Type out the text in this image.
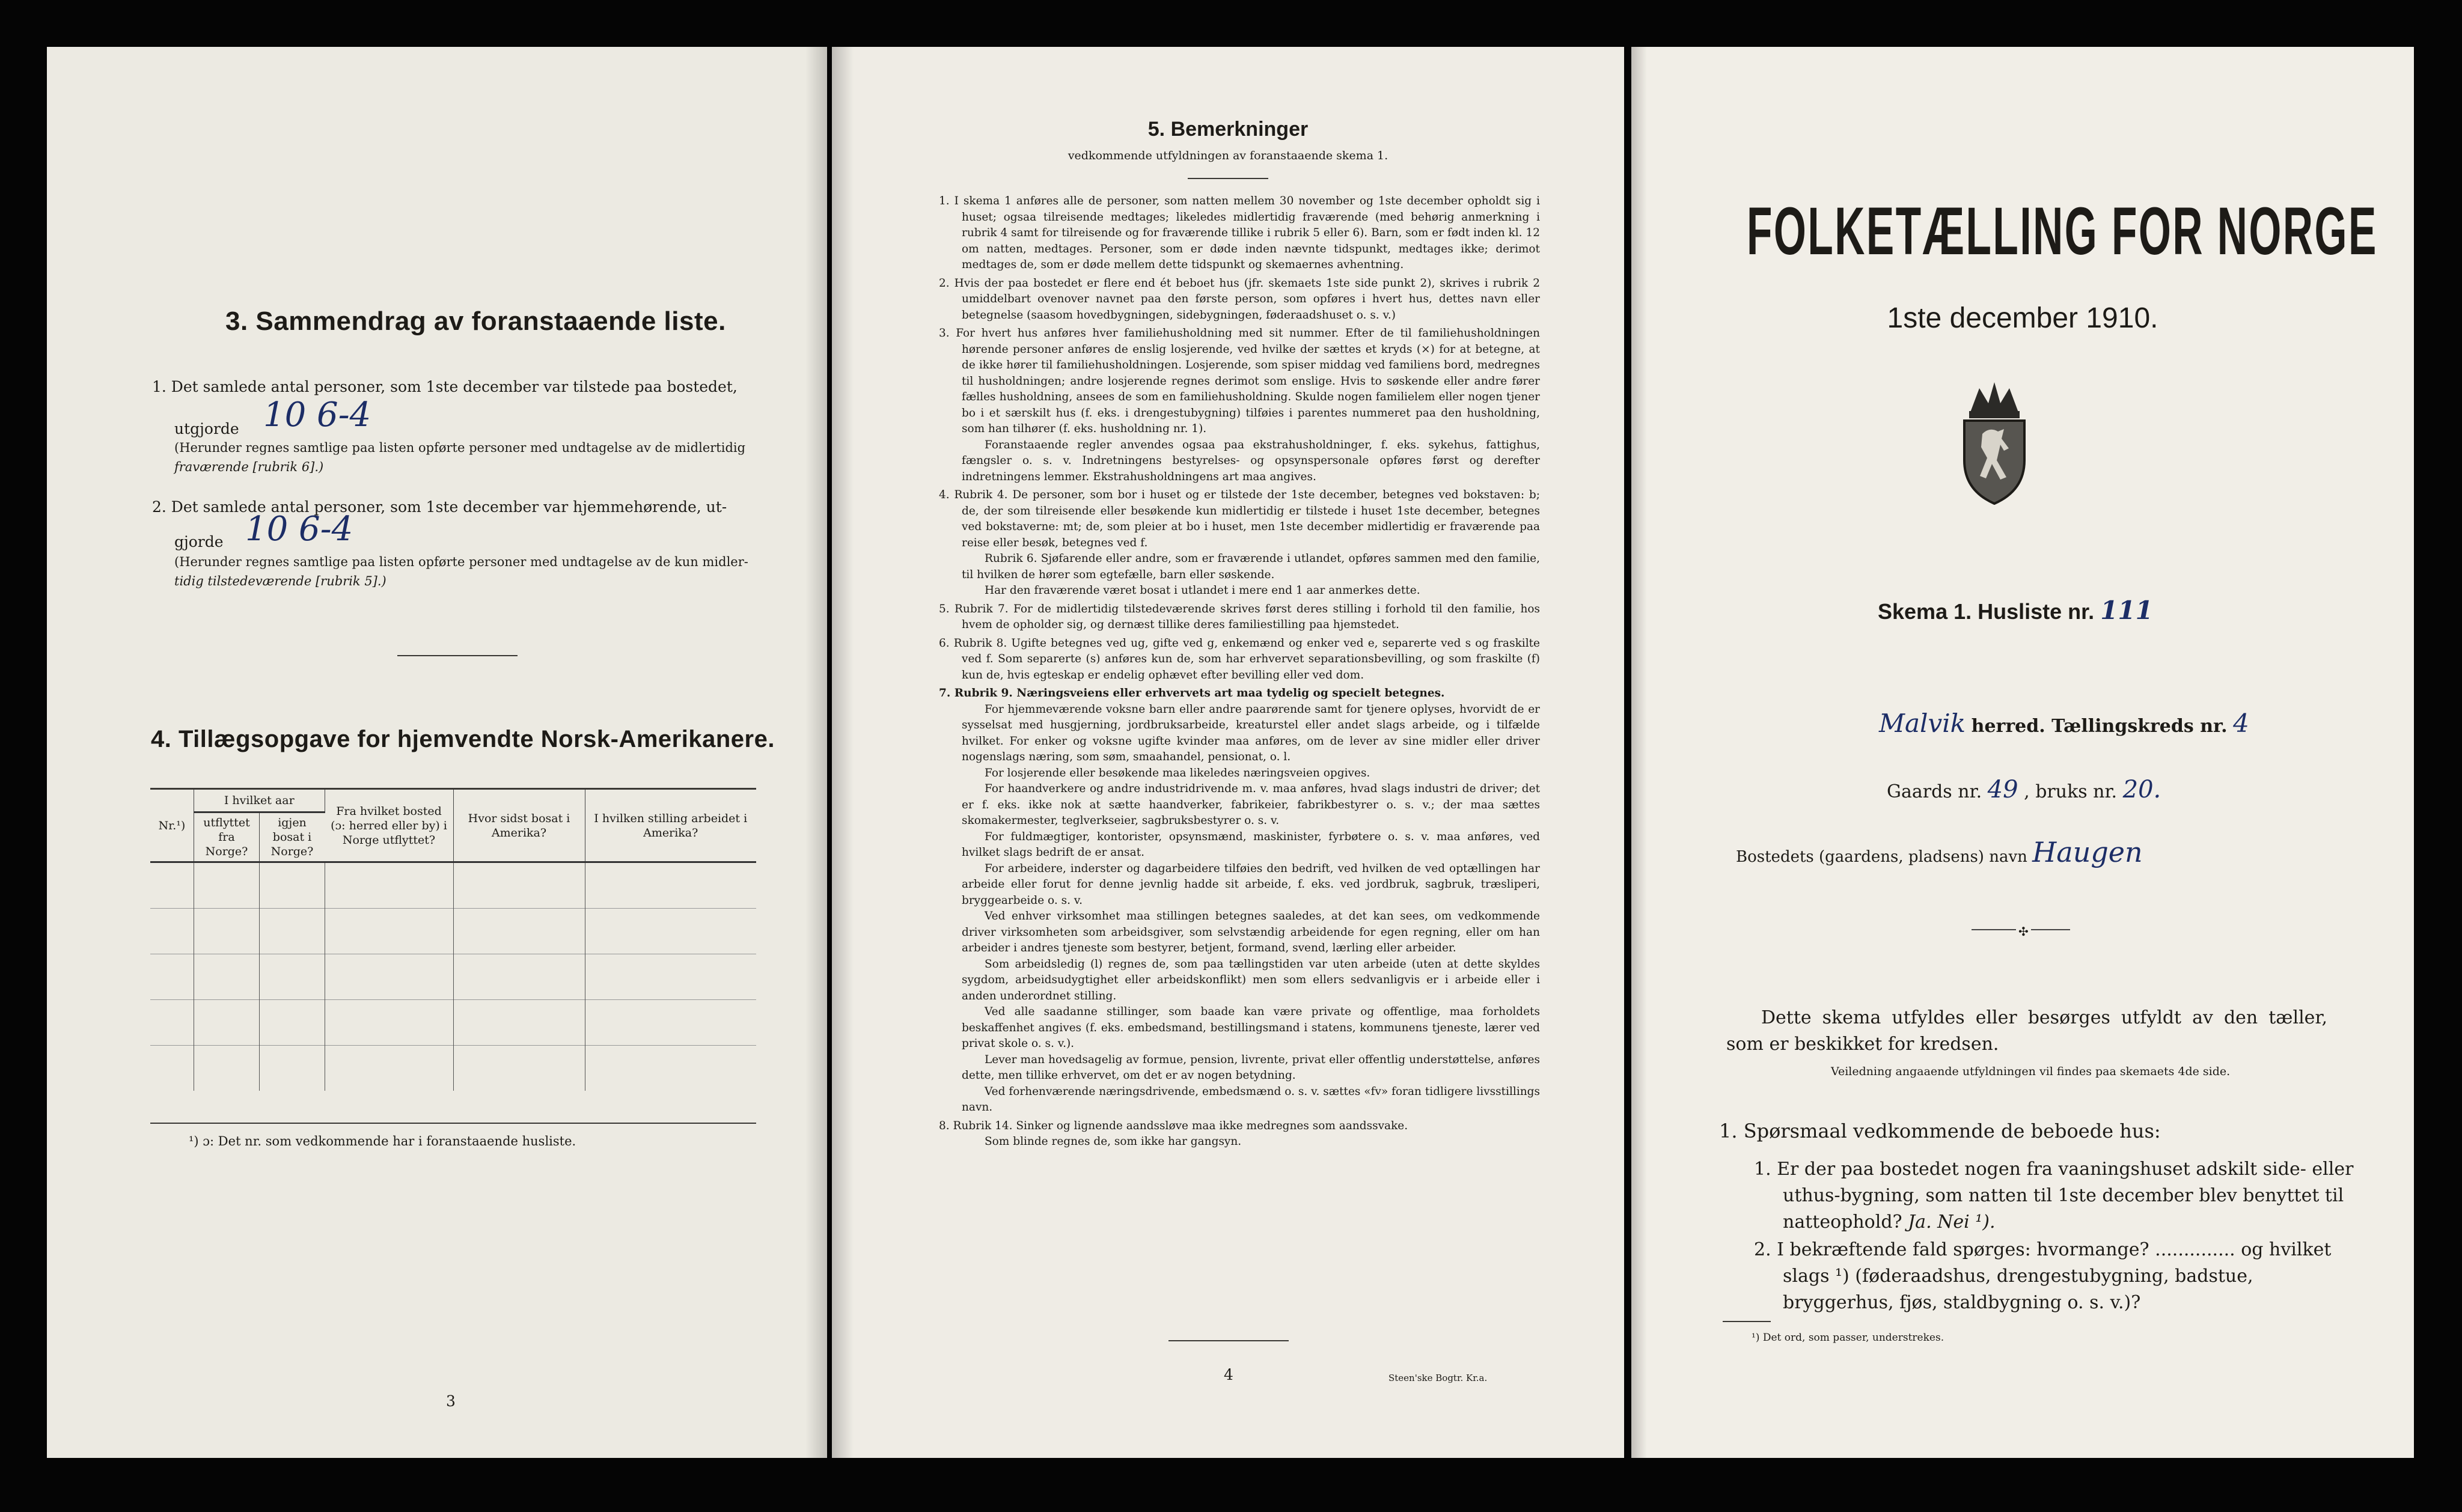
3. Sammendrag av foranstaaende liste.
1. Det samlede antal personer, som 1ste december var tilstede paa bostedet,
utgjorde 10 6-4
(Herunder regnes samtlige paa listen opførte personer med undtagelse av de midlertidig
fraværende [rubrik 6].)
2. Det samlede antal personer, som 1ste december var hjemmehørende, ut-
gjorde 10 6-4
(Herunder regnes samtlige paa listen opførte personer med undtagelse av de kun midler-
tidig tilstedeværende [rubrik 5].)
4. Tillægsopgave for hjemvendte Norsk-Amerikanere.
Nr.¹)	I hvilket aar		Fra hvilket bosted (ɔ: herred eller by) i Norge utflyttet?	Hvor sidst bosat i Amerika?	I hvilken stilling arbeidet i Amerika?
	utflyttet fra Norge?	igjen bosat i Norge?			

¹) ɔ: Det nr. som vedkommende har i foranstaaende husliste.
3
5. Bemerkninger
vedkommende utfyldningen av foranstaaende skema 1.

1. I skema 1 anføres alle de personer, som natten mellem 30 november og 1ste december opholdt sig i huset; ogsaa tilreisende medtages; likeledes midlertidig fraværende (med behørig anmerkning i rubrik 4 samt for tilreisende og for fraværende tillike i rubrik 5 eller 6). Barn, som er født inden kl. 12 om natten, medtages. Personer, som er døde inden nævnte tidspunkt, medtages ikke; derimot medtages de, som er døde mellem dette tidspunkt og skemaernes avhentning.

2. Hvis der paa bostedet er flere end ét beboet hus (jfr. skemaets 1ste side punkt 2), skrives i rubrik 2 umiddelbart ovenover navnet paa den første person, som opføres i hvert hus, dettes navn eller betegnelse (saasom hovedbygningen, sidebygningen, føderaadshuset o. s. v.)

3. For hvert hus anføres hver familiehusholdning med sit nummer. Efter de til familiehusholdningen hørende personer anføres de enslig losjerende, ved hvilke der sættes et kryds (×) for at betegne, at de ikke hører til familiehusholdningen. Losjerende, som spiser middag ved familiens bord, medregnes til husholdningen; andre losjerende regnes derimot som enslige. Hvis to søskende eller andre fører fælles husholdning, ansees de som en familiehusholdning. Skulde nogen familielem eller nogen tjener bo i et særskilt hus (f. eks. i drengestubygning) tilføies i parentes nummeret paa den husholdning, som han tilhører (f. eks. husholdning nr. 1).

Foranstaaende regler anvendes ogsaa paa ekstrahusholdninger, f. eks. sykehus, fattighus, fængsler o. s. v. Indretningens bestyrelses- og opsynspersonale opføres først og derefter indretningens lemmer. Ekstrahusholdningens art maa angives.

4. Rubrik 4. De personer, som bor i huset og er tilstede der 1ste december, betegnes ved bokstaven: b; de, der som tilreisende eller besøkende kun midlertidig er tilstede i huset 1ste december, betegnes ved bokstaverne: mt; de, som pleier at bo i huset, men 1ste december midlertidig er fraværende paa reise eller besøk, betegnes ved f.

Rubrik 6. Sjøfarende eller andre, som er fraværende i utlandet, opføres sammen med den familie, til hvilken de hører som egtefælle, barn eller søskende.

Har den fraværende været bosat i utlandet i mere end 1 aar anmerkes dette.

5. Rubrik 7. For de midlertidig tilstedeværende skrives først deres stilling i forhold til den familie, hos hvem de opholder sig, og dernæst tillike deres familiestilling paa hjemstedet.

6. Rubrik 8. Ugifte betegnes ved ug, gifte ved g, enkemænd og enker ved e, separerte ved s og fraskilte ved f. Som separerte (s) anføres kun de, som har erhvervet separationsbevilling, og som fraskilte (f) kun de, hvis egteskap er endelig ophævet efter bevilling eller ved dom.

7. Rubrik 9. Næringsveiens eller erhvervets art maa tydelig og specielt betegnes.

For hjemmeværende voksne barn eller andre paarørende samt for tjenere oplyses, hvorvidt de er sysselsat med husgjerning, jordbruksarbeide, kreaturstel eller andet slags arbeide, og i tilfælde hvilket. For enker og voksne ugifte kvinder maa anføres, om de lever av sine midler eller driver nogenslags næring, som søm, smaahandel, pensionat, o. l.

For losjerende eller besøkende maa likeledes næringsveien opgives.

For haandverkere og andre industridrivende m. v. maa anføres, hvad slags industri de driver; det er f. eks. ikke nok at sætte haandverker, fabrikeier, fabrikbestyrer o. s. v.; der maa sættes skomakermester, teglverkseier, sagbruksbestyrer o. s. v.

For fuldmægtiger, kontorister, opsynsmænd, maskinister, fyrbøtere o. s. v. maa anføres, ved hvilket slags bedrift de er ansat.

For arbeidere, inderster og dagarbeidere tilføies den bedrift, ved hvilken de ved optællingen har arbeide eller forut for denne jevnlig hadde sit arbeide, f. eks. ved jordbruk, sagbruk, træsliperi, bryggearbeide o. s. v.

Ved enhver virksomhet maa stillingen betegnes saaledes, at det kan sees, om vedkommende driver virksomheten som arbeidsgiver, som selvstændig arbeidende for egen regning, eller om han arbeider i andres tjeneste som bestyrer, betjent, formand, svend, lærling eller arbeider.

Som arbeidsledig (l) regnes de, som paa tællingstiden var uten arbeide (uten at dette skyldes sygdom, arbeidsudygtighet eller arbeidskonflikt) men som ellers sedvanligvis er i arbeide eller i anden underordnet stilling.

Ved alle saadanne stillinger, som baade kan være private og offentlige, maa forholdets beskaffenhet angives (f. eks. embedsmand, bestillingsmand i statens, kommunens tjeneste, lærer ved privat skole o. s. v.).

Lever man hovedsagelig av formue, pension, livrente, privat eller offentlig understøttelse, anføres dette, men tillike erhvervet, om det er av nogen betydning.

Ved forhenværende næringsdrivende, embedsmænd o. s. v. sættes «fv» foran tidligere livsstillings navn.

8. Rubrik 14. Sinker og lignende aandssløve maa ikke medregnes som aandssvake.

Som blinde regnes de, som ikke har gangsyn.

4	Steen'ske Bogtr. Kr.a.
FOLKETÆLLING FOR NORGE
1ste december 1910.
Skema 1. Husliste nr. 111
Malvik herred. Tællingskreds nr. 4
Gaards nr. 49 , bruks nr. 20.
Bostedets (gaardens, pladsens) navn Haugen
✣
Dette skema utfyldes eller besørges utfyldt av den tæller, som er beskikket for kredsen.
Veiledning angaaende utfyldningen vil findes paa skemaets 4de side.
1. Spørsmaal vedkommende de beboede hus:
1. Er der paa bostedet nogen fra vaaningshuset adskilt side- eller uthus-bygning, som natten til 1ste december blev benyttet til natteophold? Ja. Nei ¹).
2. I bekræftende fald spørges: hvormange? .............. og hvilket slags ¹) (føderaadshus, drengestubygning, badstue, bryggerhus, fjøs, staldbygning o. s. v.)?
¹) Det ord, som passer, understrekes.
